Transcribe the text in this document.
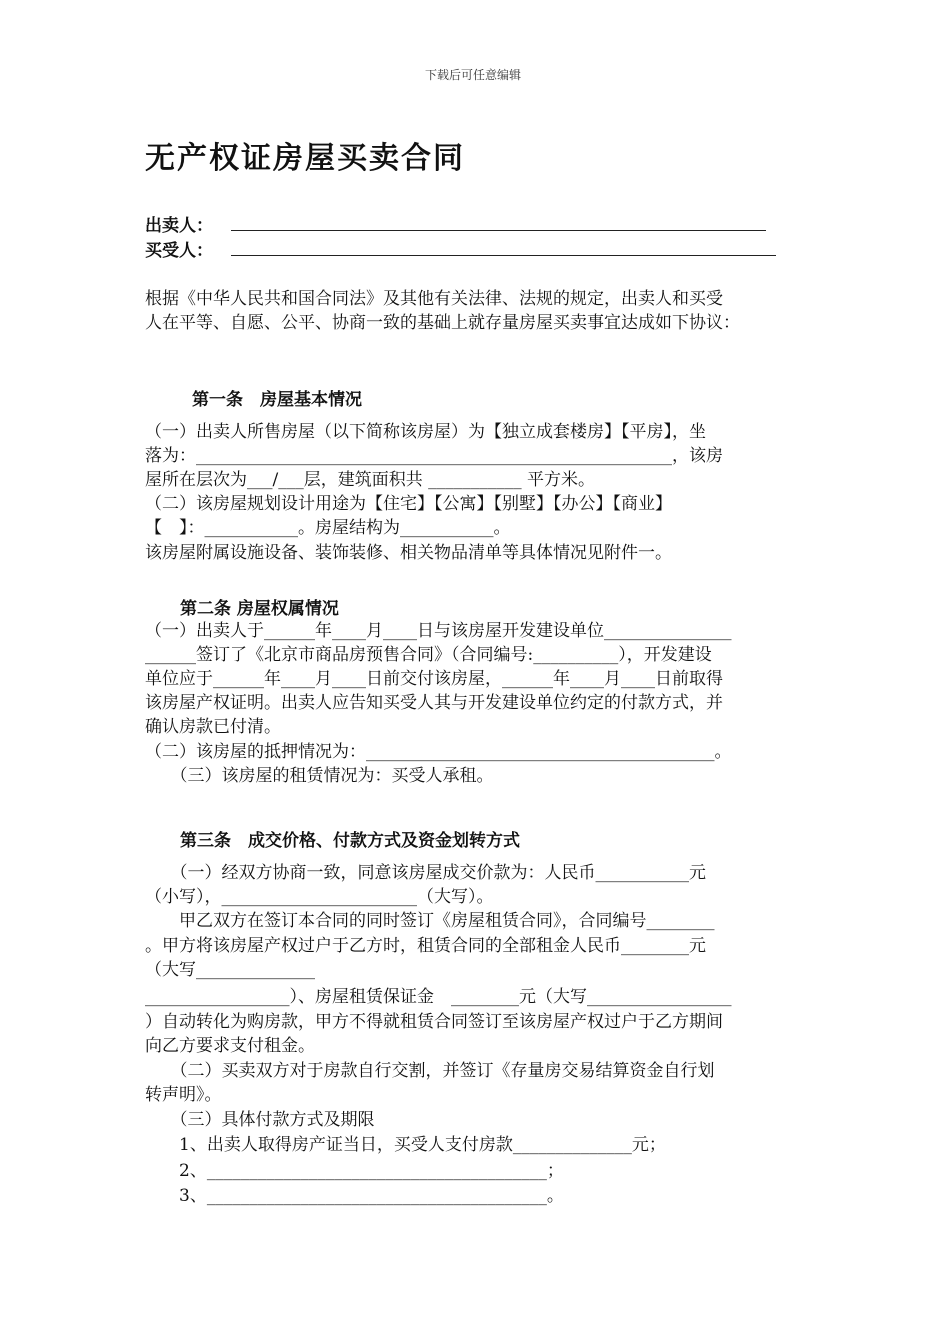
下载后可任意编辑
无产权证房屋买卖合同
出卖人：
买受人：
根据《中华人民共和国合同法》及其他有关法律、法规的规定，出卖人和买受
人在平等、自愿、公平、协商一致的基础上就存量房屋买卖事宜达成如下协议：
第一条　房屋基本情况
（一）出卖人所售房屋（以下简称该房屋）为【独立成套楼房】【平房】，坐
落为：________________________________________________________，该房
屋所在层次为___/___层，建筑面积共 ___________ 平方米。
（二）该房屋规划设计用途为【住宅】【公寓】【别墅】【办公】【商业】
【　】：___________。房屋结构为___________。
该房屋附属设施设备、装饰装修、相关物品清单等具体情况见附件一。
第二条 房屋权属情况
（一）出卖人于______年____月____日与该房屋开发建设单位_______________
______签订了《北京市商品房预售合同》（合同编号:__________），开发建设
单位应于______年____月____日前交付该房屋，______年____月____日前取得
该房屋产权证明。出卖人应告知买受人其与开发建设单位约定的付款方式，并
确认房款已付清。
（二）该房屋的抵押情况为：_________________________________________。
　　（三）该房屋的租赁情况为：买受人承租。
第三条　成交价格、付款方式及资金划转方式
　　（一）经双方协商一致，同意该房屋成交价款为：人民币___________元
（小写），_______________________（大写）。
　　甲乙双方在签订本合同的同时签订《房屋租赁合同》，合同编号________
。甲方将该房屋产权过户于乙方时，租赁合同的全部租金人民币________元
（大写______________
_________________）、房屋租赁保证金　________元（大写_________________
）自动转化为购房款，甲方不得就租赁合同签订至该房屋产权过户于乙方期间
向乙方要求支付租金。
　　（二）买卖双方对于房款自行交割，并签订《存量房交易结算资金自行划
转声明》。
　　（三）具体付款方式及期限
　　1、出卖人取得房产证当日，买受人支付房款______________元；
　　2、________________________________________；
　　3、________________________________________。
